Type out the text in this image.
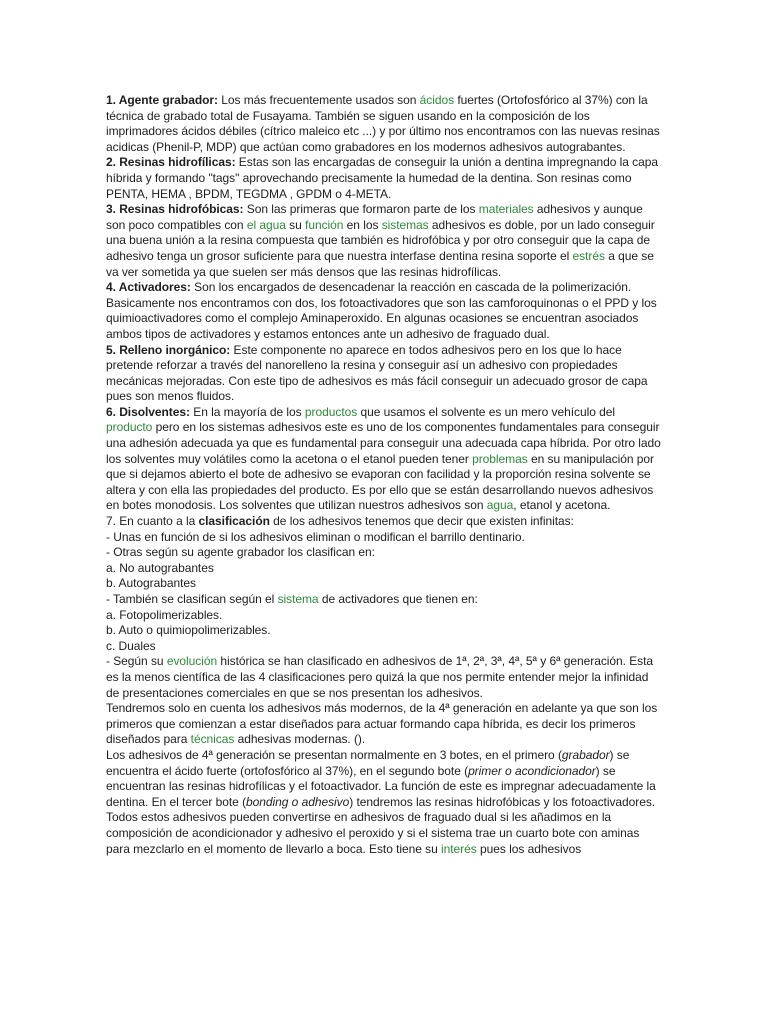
1. Agente grabador: Los más frecuentemente usados son ácidos fuertes (Ortofosfórico al 37%) con la técnica de grabado total de Fusayama. También se siguen usando en la composición de los imprimadores ácidos débiles (cítrico maleico etc ...) y por último nos encontramos con las nuevas resinas acidicas (Phenil-P, MDP) que actúan como grabadores en los modernos adhesivos autograbantes.

2. Resinas hidrofílicas: Estas son las encargadas de conseguir la unión a dentina impregnando la capa híbrida y formando "tags" aprovechando precisamente la humedad de la dentina. Son resinas como PENTA, HEMA , BPDM, TEGDMA , GPDM o 4-META.

3. Resinas hidrofóbicas: Son las primeras que formaron parte de los materiales adhesivos y aunque son poco compatibles con el agua su función en los sistemas adhesivos es doble, por un lado conseguir una buena unión a la resina compuesta que también es hidrofóbica y por otro conseguir que la capa de adhesivo tenga un grosor suficiente para que nuestra interfase dentina resina soporte el estrés a que se va ver sometida ya que suelen ser más densos que las resinas hidrofílicas.

4. Activadores: Son los encargados de desencadenar la reacción en cascada de la polimerización. Basicamente nos encontramos con dos, los fotoactivadores que son las camforoquinonas o el PPD y los quimioactivadores como el complejo Aminaperoxido. En algunas ocasiones se encuentran asociados ambos tipos de activadores y estamos entonces ante un adhesivo de fraguado dual.

5. Relleno inorgánico: Este componente no aparece en todos adhesivos pero en los que lo hace pretende reforzar a través del nanorelleno la resina y conseguir así un adhesivo con propiedades mecánicas mejoradas. Con este tipo de adhesivos es más fácil conseguir un adecuado grosor de capa pues son menos fluidos.

6. Disolventes: En la mayoría de los productos que usamos el solvente es un mero vehículo del producto pero en los sistemas adhesivos este es uno de los componentes fundamentales para conseguir una adhesión adecuada ya que es fundamental para conseguir una adecuada capa híbrida. Por otro lado los solventes muy volátiles como la acetona o el etanol pueden tener problemas en su manipulación por que si dejamos abierto el bote de adhesivo se evaporan con facilidad y la proporción resina solvente se altera y con ella las propiedades del producto. Es por ello que se están desarrollando nuevos adhesivos en botes monodosis. Los solventes que utilizan nuestros adhesivos son agua, etanol y acetona.

7. En cuanto a la clasificación de los adhesivos tenemos que decir que existen infinitas:

- Unas en función de si los adhesivos eliminan o modifican el barrillo dentinario.

- Otras según su agente grabador los clasifican en:

a. No autograbantes

b. Autograbantes

- También se clasifican según el sistema de activadores que tienen en:

a. Fotopolimerizables.

b. Auto o quimiopolimerizables.

c. Duales

- Según su evolución histórica se han clasificado en adhesivos de 1ª, 2ª, 3ª, 4ª, 5ª y 6ª generación. Esta es la menos científica de las 4 clasificaciones pero quizá la que nos permite entender mejor la infinidad de presentaciones comerciales en que se nos presentan los adhesivos.

Tendremos solo en cuenta los adhesivos más modernos, de la 4ª generación en adelante ya que son los primeros que comienzan a estar diseñados para actuar formando capa híbrida, es decir los primeros diseñados para técnicas adhesivas modernas. ().

Los adhesivos de 4ª generación se presentan normalmente en 3 botes, en el primero (grabador) se encuentra el ácido fuerte (ortofosfórico al 37%), en el segundo bote (primer o acondicionador) se encuentran las resinas hidrofílicas y el fotoactivador. La función de este es impregnar adecuadamente la dentina. En el tercer bote (bonding o adhesivo) tendremos las resinas hidrofóbicas y los fotoactivadores.

Todos estos adhesivos pueden convertirse en adhesivos de fraguado dual si les añadimos en la composición de acondicionador y adhesivo el peroxido y si el sistema trae un cuarto bote con aminas para mezclarlo en el momento de llevarlo a boca. Esto tiene su interés pues los adhesivos
